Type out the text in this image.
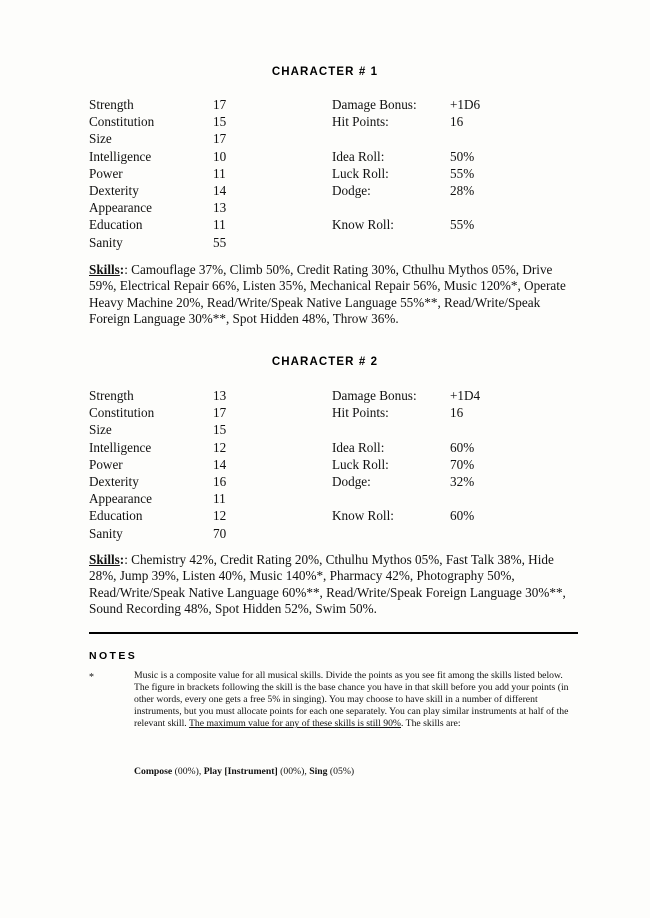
CHARACTER # 1
Strength	17	Damage Bonus:	+1D6
Constitution	15	Hit Points:	16
Size	17
Intelligence	10	Idea Roll:	50%
Power	11	Luck Roll:	55%
Dexterity	14	Dodge:	28%
Appearance	13
Education	11	Know Roll:	55%
Sanity	55
Skills:: Camouflage 37%, Climb 50%, Credit Rating 30%, Cthulhu Mythos 05%, Drive 59%, Electrical Repair 66%, Listen 35%, Mechanical Repair 56%, Music 120%*, Operate Heavy Machine 20%, Read/Write/Speak Native Language 55%**, Read/Write/Speak Foreign Language 30%**, Spot Hidden 48%, Throw 36%.
CHARACTER # 2
Strength	13	Damage Bonus:	+1D4
Constitution	17	Hit Points:	16
Size	15
Intelligence	12	Idea Roll:	60%
Power	14	Luck Roll:	70%
Dexterity	16	Dodge:	32%
Appearance	11
Education	12	Know Roll:	60%
Sanity	70
Skills:: Chemistry 42%, Credit Rating 20%, Cthulhu Mythos 05%, Fast Talk 38%, Hide 28%, Jump 39%, Listen 40%, Music 140%*, Pharmacy 42%, Photography 50%, Read/Write/Speak Native Language 60%**, Read/Write/Speak Foreign Language 30%**, Sound Recording 48%, Spot Hidden 52%, Swim 50%.
NOTES
*	Music is a composite value for all musical skills. Divide the points as you see fit among the skills listed below. The figure in brackets following the skill is the base chance you have in that skill before you add your points (in other words, every one gets a free 5% in singing). You may choose to have skill in a number of different instruments, but you must allocate points for each one separately. You can play similar instruments at half of the relevant skill. The maximum value for any of these skills is still 90%. The skills are:
Compose (00%), Play [Instrument] (00%), Sing (05%)
